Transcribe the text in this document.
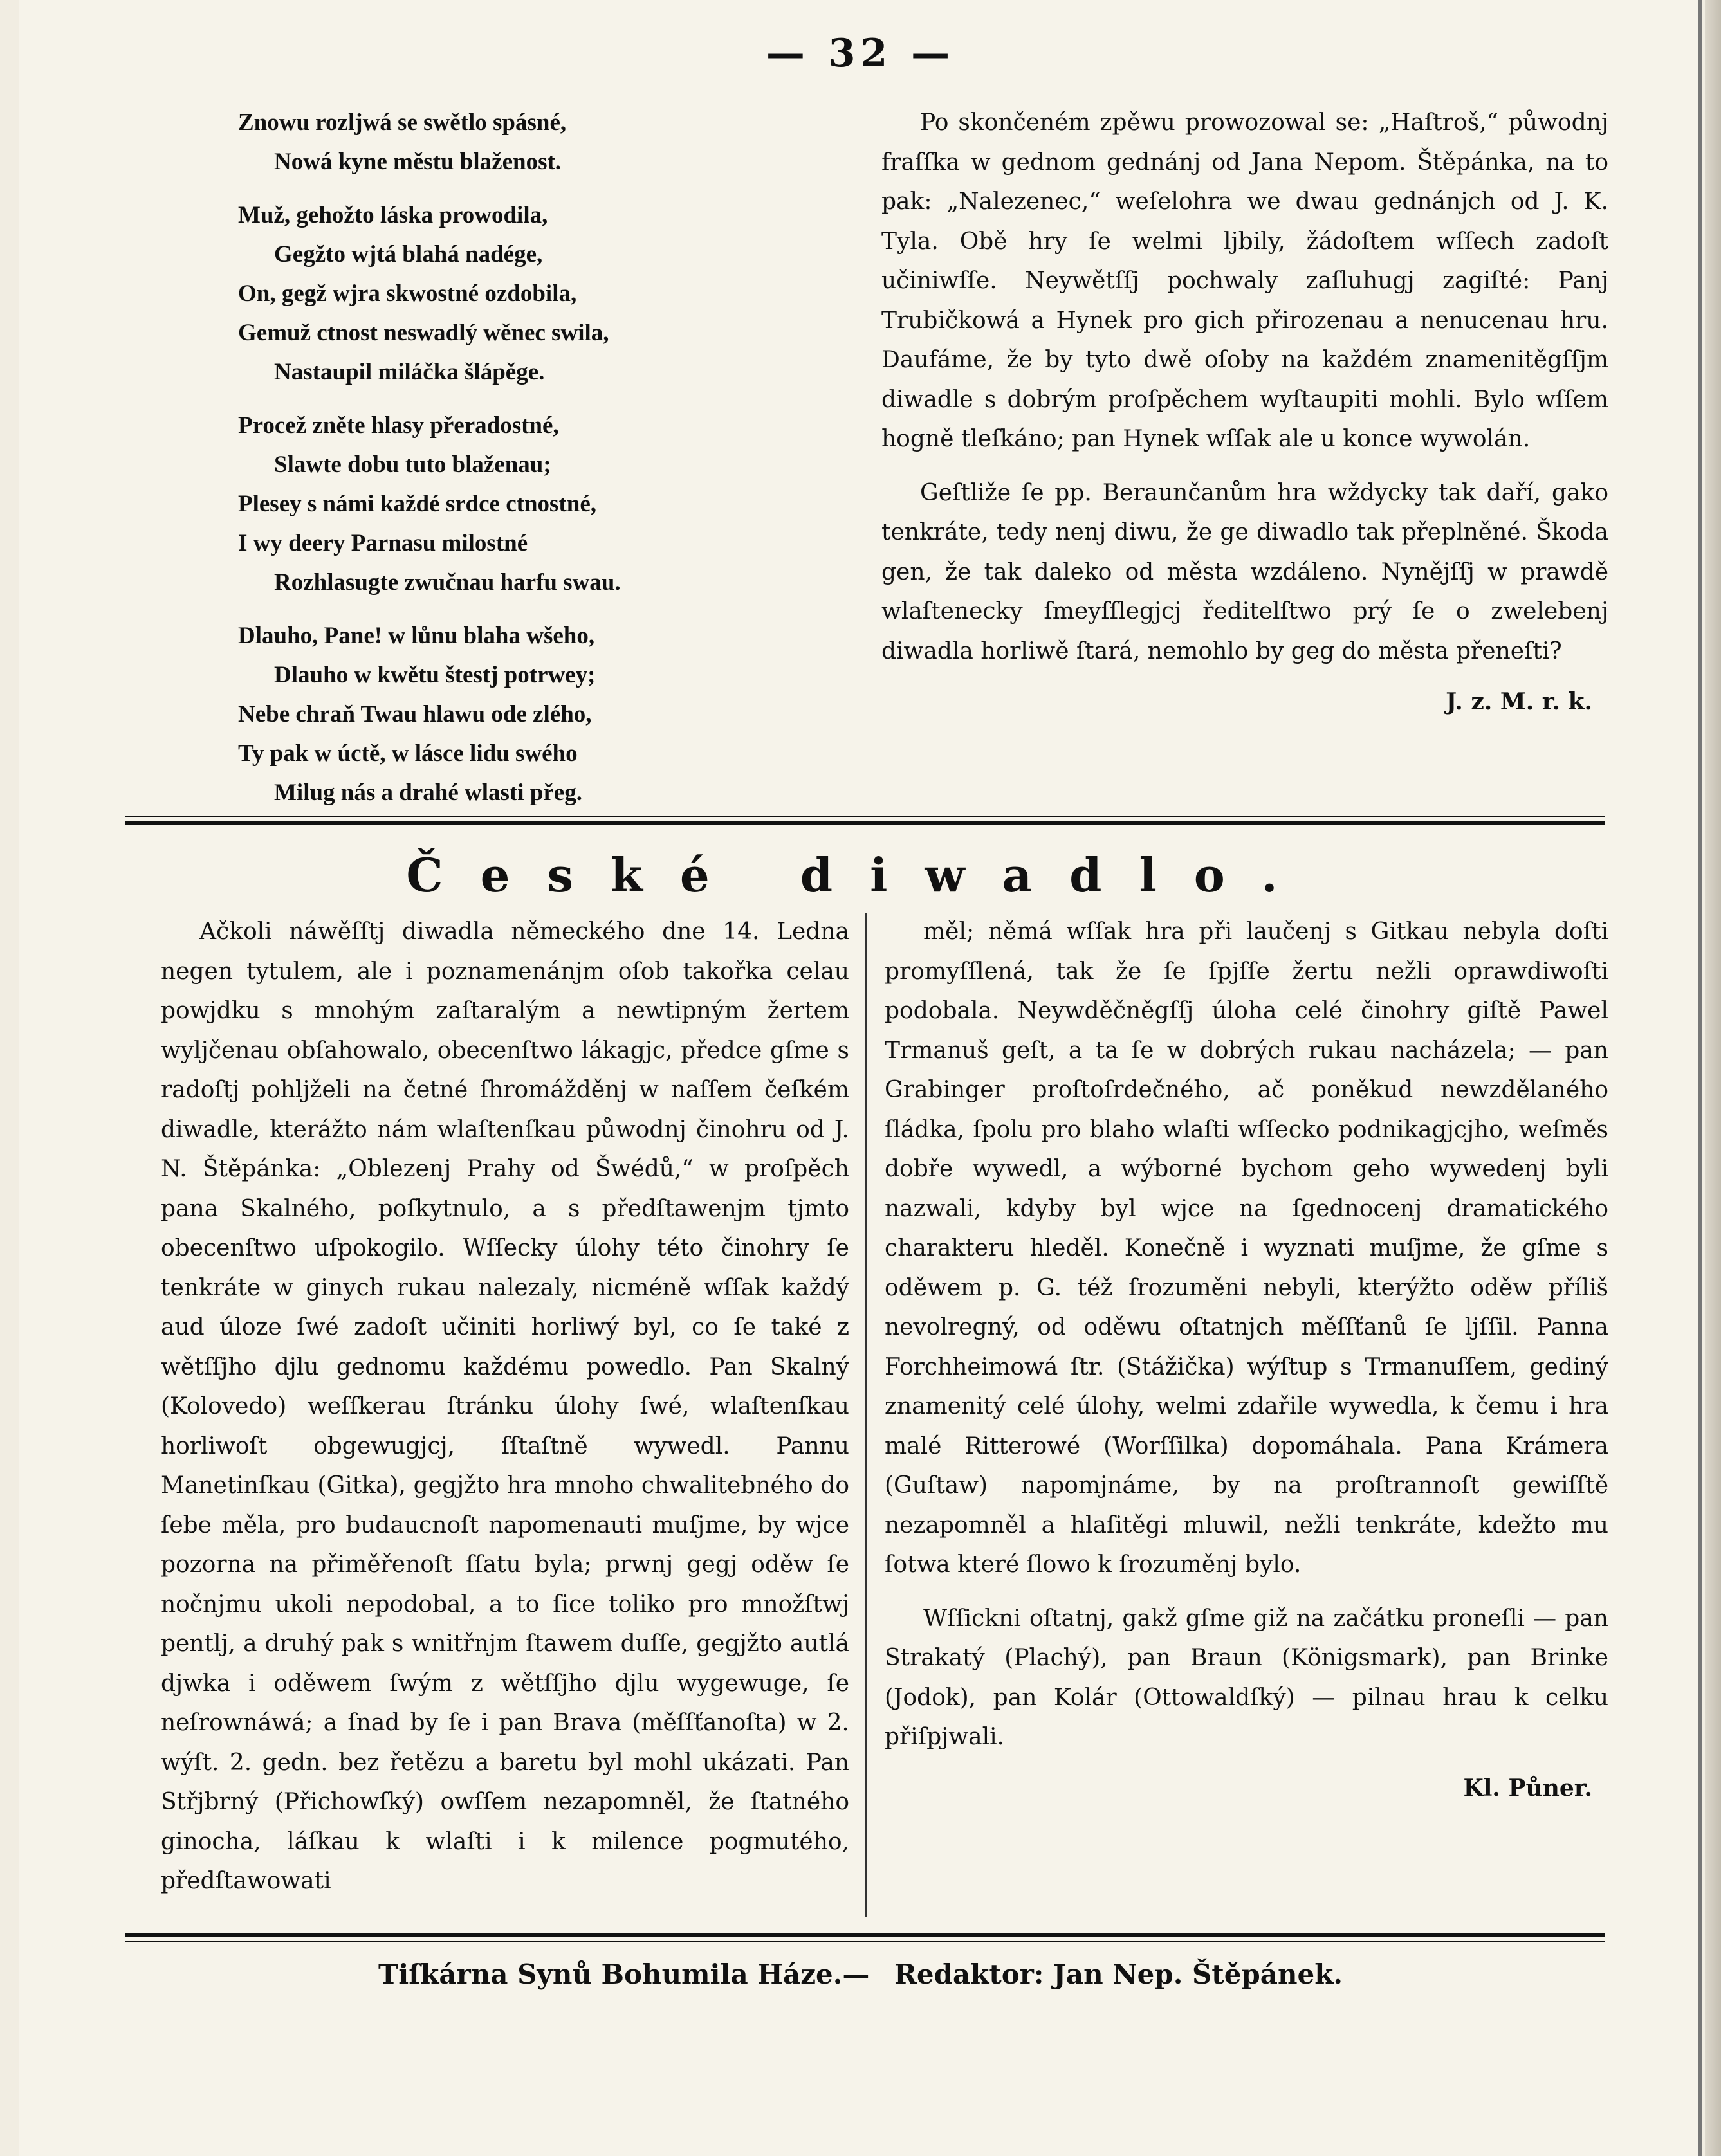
— 32 —
Znowu rozljwá se swětlo spásné,
Nowá kyne městu blaženost.
Muž, gehožto láska prowodila,
Gegžto wjtá blahá nadége,
On, gegž wjra skwostné ozdobila,
Gemuž ctnost neswadlý wěnec swila,
Nastaupil miláčka šlápěge.
Procež zněte hlasy přeradostné,
Slawte dobu tuto blaženau;
Plesey s námi každé srdce ctnostné,
I wy deery Parnasu milostné
Rozhlasugte zwučnau harfu swau.
Dlauho, Pane! w lůnu blaha wšeho,
Dlauho w kwětu štestj potrwey;
Nebe chraň Twau hlawu ode zlého,
Ty pak w úctě, w lásce lidu swého
Milug nás a drahé wlasti přeg.

Po skončeném zpěwu prowozowal se: „Haſtroš,“ půwodnj fraſſka w gednom gednánj od Jana Nepom. Štěpánka, na to pak: „Nalezenec,“ weſelohra we dwau gednánjch od J. K. Tyla. Obě hry ſe welmi ljbily, žádoſtem wſſech zadoſt učiniwſſe. Neywětſſj pochwaly zaſluhugj zagiſté: Panj Trubičkowá a Hynek pro gich přirozenau a nenucenau hru. Daufáme, že by tyto dwě oſoby na každém znamenitěgſſjm diwadle s dobrým proſpěchem wyſtaupiti mohli. Bylo wſſem hogně tleſkáno; pan Hynek wſſak ale u konce wywolán.

Geſtliže ſe pp. Beraunčanům hra wždycky tak daří, gako tenkráte, tedy nenj diwu, že ge diwadlo tak přeplněné. Škoda gen, že tak daleko od města wzdáleno. Nynějſſj w prawdě wlaſtenecky ſmeyſſlegjcj ředitelſtwo prý ſe o zwelebenj diwadla horliwě ſtará, nemohlo by geg do města přeneſti?

J. z. M. r. k.
České diwadlo.

Ačkoli náwěſſtj diwadla německého dne 14. Ledna negen tytulem, ale i poznamenánjm oſob takořka celau powjdku s mnohým zaſtaralým a newtipným žertem wyljčenau obſahowalo, obecenſtwo lákagjc, předce gſme s radoſtj pohljželi na četné ſhromážděnj w naſſem čeſkém diwadle, kterážto nám wlaſtenſkau půwodnj činohru od J. N. Štěpánka: „Oblezenj Prahy od Šwédů,“ w proſpěch pana Skalného, poſkytnulo, a s předſtawenjm tjmto obecenſtwo uſpokogilo. Wſſecky úlohy této činohry ſe tenkráte w ginych rukau nalezaly, nicméně wſſak každý aud úloze ſwé zadoſt učiniti horliwý byl, co ſe také z wětſſjho djlu gednomu každému powedlo. Pan Skalný (Kolovedo) weſſkerau ſtránku úlohy ſwé, wlaſtenſkau horliwoſt obgewugjcj, ſſtaſtně wywedl. Pannu Manetinſkau (Gitka), gegjžto hra mnoho chwalitebného do ſebe měla, pro budaucnoſt napomenauti muſjme, by wjce pozorna na přiměřenoſt ſſatu byla; prwnj gegj oděw ſe nočnjmu ukoli nepodobal, a to ſice toliko pro množſtwj pentlj, a druhý pak s wnitřnjm ſtawem duſſe, gegjžto autlá djwka i oděwem ſwým z wětſſjho djlu wygewuge, ſe neſrownáwá; a ſnad by ſe i pan Brava (měſſťanoſta) w 2. wýſt. 2. gedn. bez řetězu a baretu byl mohl ukázati. Pan Střjbrný (Přichowſký) owſſem nezapomněl, že ſtatného ginocha, láſkau k wlaſti i k milence pogmutého, předſtawowati

měl; němá wſſak hra při laučenj s Gitkau nebyla doſti promyſſlená, tak že ſe ſpjſſe žertu nežli oprawdiwoſti podobala. Neywděčněgſſj úloha celé činohry giſtě Pawel Trmanuš geſt, a ta ſe w dobrých rukau nacházela; — pan Grabinger proſtoſrdečného, ač poněkud newzdělaného ſládka, ſpolu pro blaho wlaſti wſſecko podnikagjcjho, weſměs dobře wywedl, a wýborné bychom geho wywedenj byli nazwali, kdyby byl wjce na ſgednocenj dramatického charakteru hleděl. Konečně i wyznati muſjme, že gſme s oděwem p. G. též ſrozuměni nebyli, kterýžto oděw příliš nevolregný, od oděwu oſtatnjch měſſťanů ſe ljſſil. Panna Forchheimowá ſtr. (Stážička) wýſtup s Trmanuſſem, gediný znamenitý celé úlohy, welmi zdařile wywedla, k čemu i hra malé Ritterowé (Worſſilka) dopomáhala. Pana Krámera (Guſtaw) napomjnáme, by na proſtrannoſt gewiſſtě nezapomněl a hlaſitěgi mluwil, nežli tenkráte, kdežto mu ſotwa které ſlowo k ſrozuměnj bylo.

Wſſickni oſtatnj, gakž gſme giž na začátku proneſli — pan Strakatý (Plachý), pan Braun (Königsmark), pan Brinke (Jodok), pan Kolár (Ottowaldſký) — pilnau hrau k celku přiſpjwali.

Kl. Půner.
Tiſkárna Synů Bohumila Háze.— Redaktor: Jan Nep. Štěpánek.
